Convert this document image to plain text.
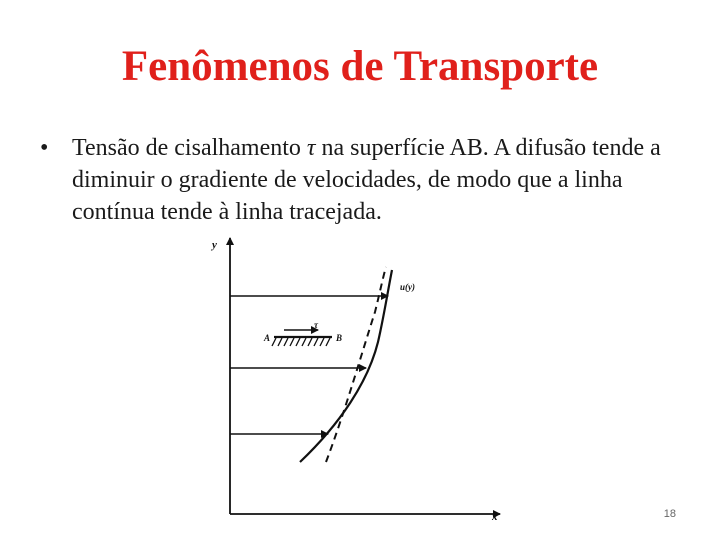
Fenômenos de Transporte
• Tensão de cisalhamento τ na superfície AB. A difusão tende a diminuir o gradiente de velocidades, de modo que a linha contínua tende à linha tracejada.
y
x
u(y)
A	B
τ
18
